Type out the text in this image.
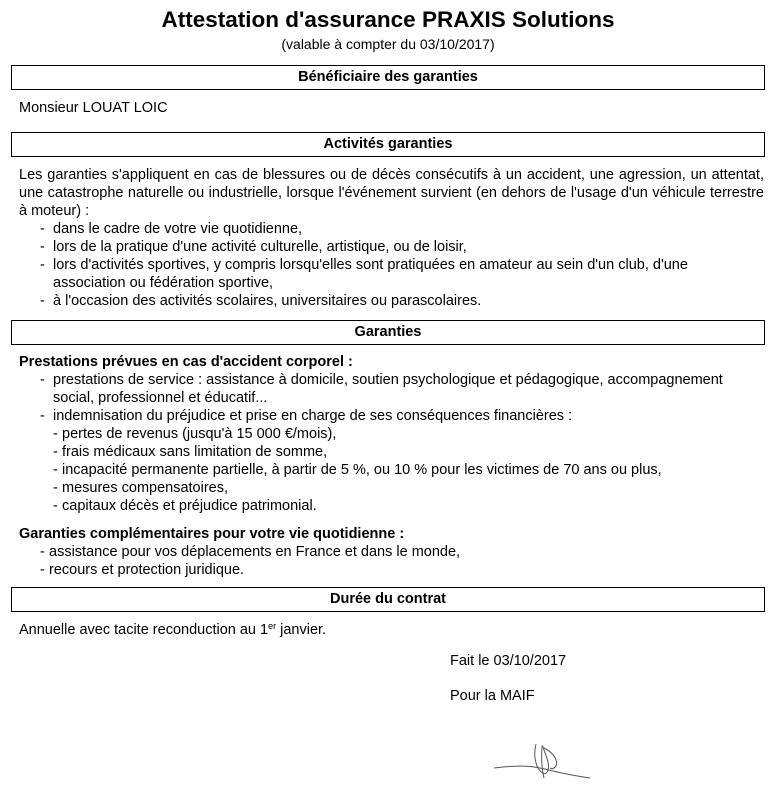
Attestation d'assurance PRAXIS Solutions
(valable à compter du 03/10/2017)
Bénéficiaire des garanties
Monsieur LOUAT LOIC
Activités garanties
Les garanties s'appliquent en cas de blessures ou de décès consécutifs à un accident, une agression, un attentat, une catastrophe naturelle ou industrielle, lorsque l'événement survient (en dehors de l'usage d'un véhicule terrestre à moteur) :
- dans le cadre de votre vie quotidienne,
- lors de la pratique d'une activité culturelle, artistique, ou de loisir,
- lors d'activités sportives, y compris lorsqu'elles sont pratiquées en amateur au sein d'un club, d'une association ou fédération sportive,
- à l'occasion des activités scolaires, universitaires ou parascolaires.
Garanties
Prestations prévues en cas d'accident corporel :
- prestations de service : assistance à domicile, soutien psychologique et pédagogique, accompagnement social, professionnel et éducatif...
- indemnisation du préjudice et prise en charge de ses conséquences financières :
- pertes de revenus (jusqu'à 15 000 €/mois),
- frais médicaux sans limitation de somme,
- incapacité permanente partielle, à partir de 5 %, ou 10 % pour les victimes de 70 ans ou plus,
- mesures compensatoires,
- capitaux décès et préjudice patrimonial.
Garanties complémentaires pour votre vie quotidienne :
- assistance pour vos déplacements en France et dans le monde,
- recours et protection juridique.
Durée du contrat
Annuelle avec tacite reconduction au 1er janvier.
Fait le 03/10/2017
Pour la MAIF
